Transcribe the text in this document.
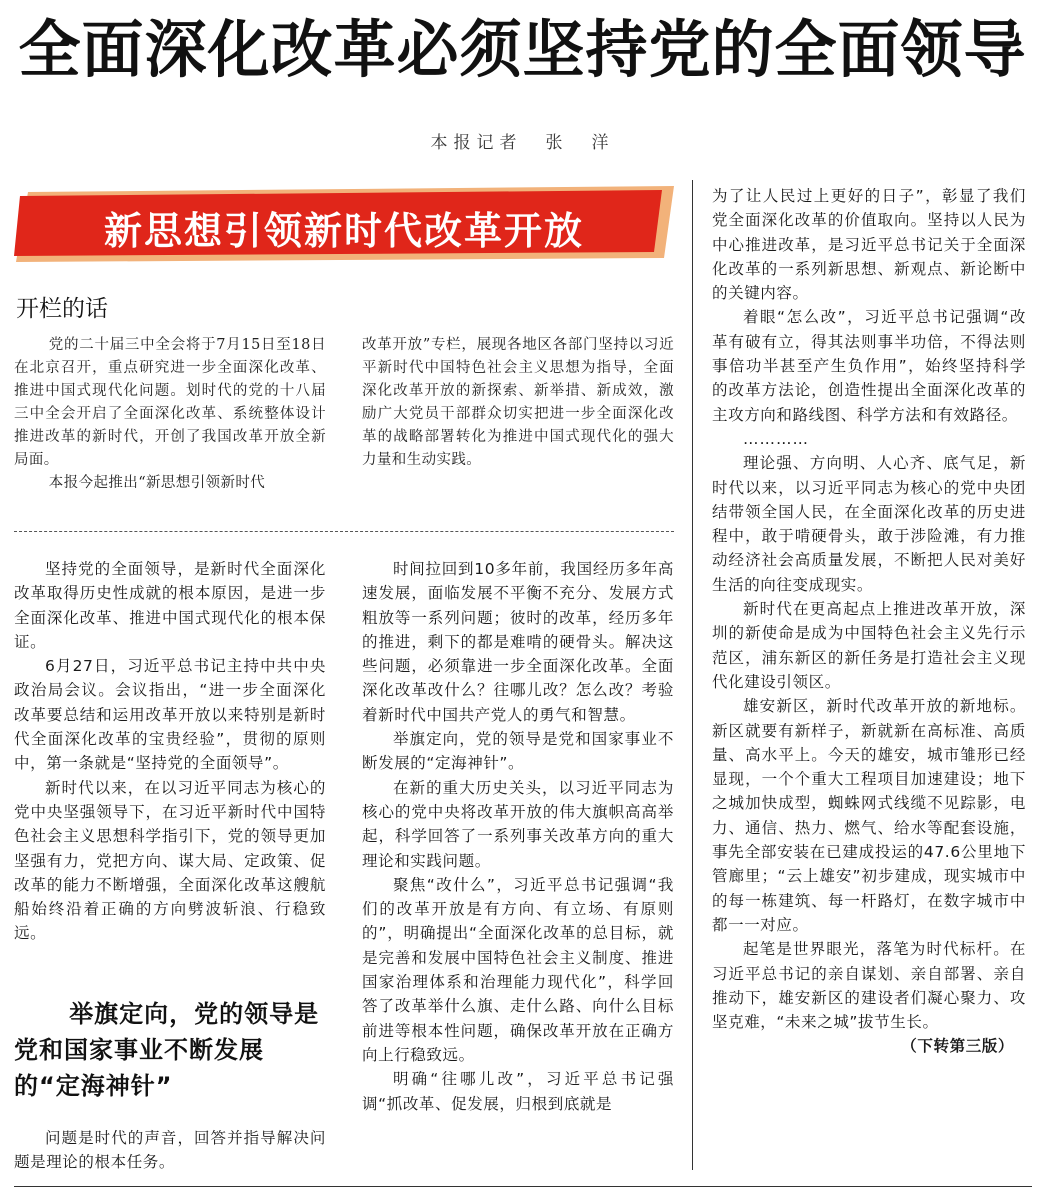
全面深化改革必须坚持党的全面领导
本报记者　张　洋
新思想引领新时代改革开放
开栏的话

党的二十届三中全会将于7月15日至18日在北京召开，重点研究进一步全面深化改革、推进中国式现代化问题。划时代的党的十八届三中全会开启了全面深化改革、系统整体设计推进改革的新时代，开创了我国改革开放全新局面。

本报今起推出“新思想引领新时代

改革开放”专栏，展现各地区各部门坚持以习近平新时代中国特色社会主义思想为指导，全面深化改革开放的新探索、新举措、新成效，激励广大党员干部群众切实把进一步全面深化改革的战略部署转化为推进中国式现代化的强大力量和生动实践。

坚持党的全面领导，是新时代全面深化改革取得历史性成就的根本原因，是进一步全面深化改革、推进中国式现代化的根本保证。

6月27日，习近平总书记主持中共中央政治局会议。会议指出，“进一步全面深化改革要总结和运用改革开放以来特别是新时代全面深化改革的宝贵经验”，贯彻的原则中，第一条就是“坚持党的全面领导”。

新时代以来，在以习近平同志为核心的党中央坚强领导下，在习近平新时代中国特色社会主义思想科学指引下，党的领导更加坚强有力，党把方向、谋大局、定政策、促改革的能力不断增强，全面深化改革这艘航船始终沿着正确的方向劈波斩浪、行稳致远。

举旗定向，党的领导是党和国家事业不断发展的“定海神针”

问题是时代的声音，回答并指导解决问题是理论的根本任务。

时间拉回到10多年前，我国经历多年高速发展，面临发展不平衡不充分、发展方式粗放等一系列问题；彼时的改革，经历多年的推进，剩下的都是难啃的硬骨头。解决这些问题，必须靠进一步全面深化改革。全面深化改革改什么？往哪儿改？怎么改？考验着新时代中国共产党人的勇气和智慧。

举旗定向，党的领导是党和国家事业不断发展的“定海神针”。

在新的重大历史关头，以习近平同志为核心的党中央将改革开放的伟大旗帜高高举起，科学回答了一系列事关改革方向的重大理论和实践问题。

聚焦“改什么”，习近平总书记强调“我们的改革开放是有方向、有立场、有原则的”，明确提出“全面深化改革的总目标，就是完善和发展中国特色社会主义制度、推进国家治理体系和治理能力现代化”，科学回答了改革举什么旗、走什么路、向什么目标前进等根本性问题，确保改革开放在正确方向上行稳致远。

明确“往哪儿改”，习近平总书记强调“抓改革、促发展，归根到底就是

为了让人民过上更好的日子”，彰显了我们党全面深化改革的价值取向。坚持以人民为中心推进改革，是习近平总书记关于全面深化改革的一系列新思想、新观点、新论断中的关键内容。

着眼“怎么改”，习近平总书记强调“改革有破有立，得其法则事半功倍，不得法则事倍功半甚至产生负作用”，始终坚持科学的改革方法论，创造性提出全面深化改革的主攻方向和路线图、科学方法和有效路径。

…………

理论强、方向明、人心齐、底气足，新时代以来，以习近平同志为核心的党中央团结带领全国人民，在全面深化改革的历史进程中，敢于啃硬骨头，敢于涉险滩，有力推动经济社会高质量发展，不断把人民对美好生活的向往变成现实。

新时代在更高起点上推进改革开放，深圳的新使命是成为中国特色社会主义先行示范区，浦东新区的新任务是打造社会主义现代化建设引领区。

雄安新区，新时代改革开放的新地标。新区就要有新样子，新就新在高标准、高质量、高水平上。今天的雄安，城市雏形已经显现，一个个重大工程项目加速建设；地下之城加快成型，蜘蛛网式线缆不见踪影，电力、通信、热力、燃气、给水等配套设施，事先全部安装在已建成投运的47.6公里地下管廊里；“云上雄安”初步建成，现实城市中的每一栋建筑、每一杆路灯，在数字城市中都一一对应。

起笔是世界眼光，落笔为时代标杆。在习近平总书记的亲自谋划、亲自部署、亲自推动下，雄安新区的建设者们凝心聚力、攻坚克难，“未来之城”拔节生长。

（下转第三版）
